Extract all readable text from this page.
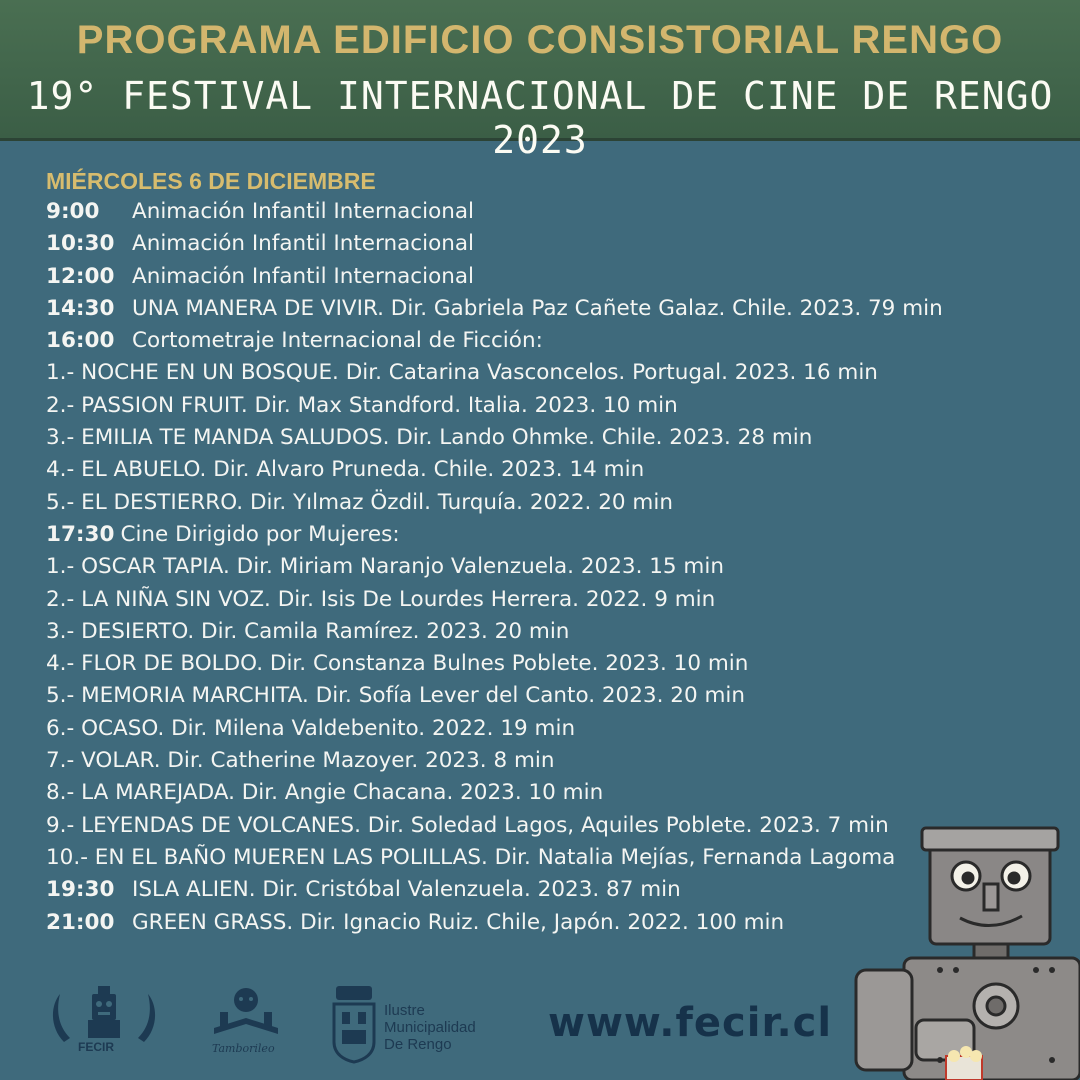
PROGRAMA EDIFICIO CONSISTORIAL RENGO
19° FESTIVAL INTERNACIONAL DE CINE DE RENGO 2023
MIÉRCOLES 6 DE DICIEMBRE
9:00 Animación Infantil Internacional
10:30 Animación Infantil Internacional
12:00 Animación Infantil Internacional
14:30 UNA MANERA DE VIVIR. Dir. Gabriela Paz Cañete Galaz. Chile. 2023. 79 min
16:00 Cortometraje Internacional de Ficción:
1.- NOCHE EN UN BOSQUE. Dir. Catarina Vasconcelos. Portugal. 2023. 16 min
2.- PASSION FRUIT. Dir. Max Standford. Italia. 2023. 10 min
3.- EMILIA TE MANDA SALUDOS. Dir. Lando Ohmke. Chile. 2023. 28 min
4.- EL ABUELO. Dir. Alvaro Pruneda. Chile. 2023. 14 min
5.- EL DESTIERRO. Dir. Yılmaz Özdil. Turquía. 2022. 20 min
17:30 Cine Dirigido por Mujeres:
1.- OSCAR TAPIA. Dir. Miriam Naranjo Valenzuela. 2023. 15 min
2.- LA NIÑA SIN VOZ. Dir. Isis De Lourdes Herrera. 2022. 9 min
3.- DESIERTO. Dir. Camila Ramírez. 2023. 20 min
4.- FLOR DE BOLDO. Dir. Constanza Bulnes Poblete. 2023. 10 min
5.- MEMORIA MARCHITA. Dir. Sofía Lever del Canto. 2023. 20 min
6.- OCASO. Dir. Milena Valdebenito. 2022. 19 min
7.- VOLAR. Dir. Catherine Mazoyer. 2023. 8 min
8.- LA MAREJADA. Dir. Angie Chacana. 2023. 10 min
9.- LEYENDAS DE VOLCANES. Dir. Soledad Lagos, Aquiles Poblete. 2023. 7 min
10.- EN EL BAÑO MUEREN LAS POLILLAS. Dir. Natalia Mejías, Fernanda Lagoma
19:30 ISLA ALIEN. Dir. Cristóbal Valenzuela. 2023. 87 min
21:00 GREEN GRASS. Dir. Ignacio Ruiz. Chile, Japón. 2022. 100 min
FECIR	Tamborileo
Ilustre
Municipalidad
De Rengo	www.fecir.cl
